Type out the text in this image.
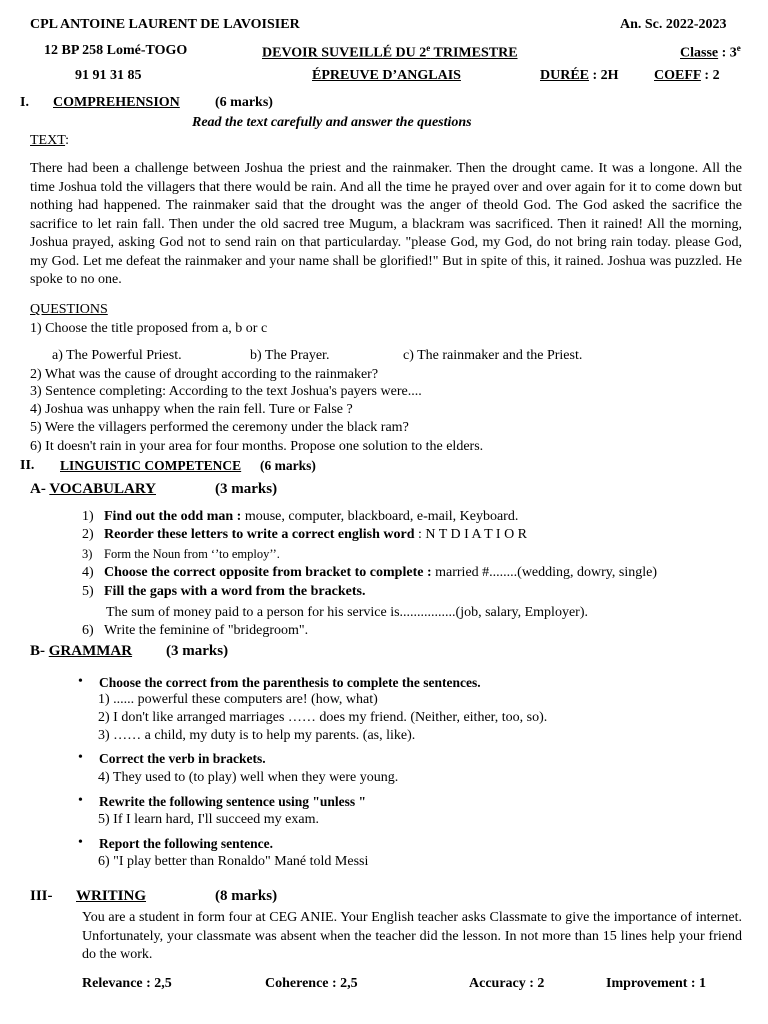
CPL ANTOINE LAURENT DE LAVOISIER	An. Sc. 2022-2023
12 BP 258 Lomé-TOGO	DEVOIR SUVEILLÉ DU 2e TRIMESTRE	Classe : 3e
91 91 31 85	ÉPREUVE D’ANGLAIS	DURÉE : 2H	COEFF : 2
I. COMPREHENSION	(6 marks)
Read the text carefully and answer the questions
TEXT:
There had been a challenge between Joshua the priest and the rainmaker. Then the drought came. It was a longone. All the time Joshua told the villagers that there would be rain. And all the time he prayed over and over again for it to come down but nothing had happened. The rainmaker said that the drought was the anger of theold God. The God asked the sacrifice the sacrifice to let rain fall. Then under the old sacred tree Mugum, a blackram was sacrificed. Then it rained! All the morning, Joshua prayed, asking God not to send rain on that particularday. "please God, my God, do not bring rain today. please God, my God. Let me defeat the rainmaker and your name shall be glorified!" But in spite of this, it rained. Joshua was puzzled. He spoke to no one.
QUESTIONS
1) Choose the title proposed from a, b or c
a) The Powerful Priest.	b) The Prayer.	c) The rainmaker and the Priest.
2) What was the cause of drought according to the rainmaker?
3) Sentence completing: According to the text Joshua's payers were....
4) Joshua was unhappy when the rain fell. Ture or False ?
5) Were the villagers performed the ceremony under the black ram?
6) It doesn't rain in your area for four months. Propose one solution to the elders.
II. LINGUISTIC COMPETENCE (6 marks)
A- VOCABULARY	(3 marks)
1) Find out the odd man : mouse, computer, blackboard, e-mail, Keyboard.
2) Reorder these letters to write a correct english word : N T D I A T I O R
3) Form the Noun from ‘’to employ’’.
4) Choose the correct opposite from bracket to complete : married #........(wedding, dowry, single)
5) Fill the gaps with a word from the brackets.
The sum of money paid to a person for his service is................(job, salary, Employer).
6) Write the feminine of "bridegroom".
B- GRAMMAR (3 marks)
• Choose the correct from the parenthesis to complete the sentences.
1) ...... powerful these computers are! (how, what)
2) I don't like arranged marriages …… does my friend. (Neither, either, too, so).
3) …… a child, my duty is to help my parents. (as, like).
• Correct the verb in brackets.
4) They used to (to play) well when they were young.
• Rewrite the following sentence using "unless "
5) If I learn hard, I'll succeed my exam.
• Report the following sentence.
6) "I play better than Ronaldo" Mané told Messi
III- WRITING	(8 marks)
You are a student in form four at CEG ANIE. Your English teacher asks Classmate to give the importance of internet. Unfortunately, your classmate was absent when the teacher did the lesson. In not more than 15 lines help your friend do the work.
Relevance : 2,5	Coherence : 2,5	Accuracy : 2	Improvement : 1
